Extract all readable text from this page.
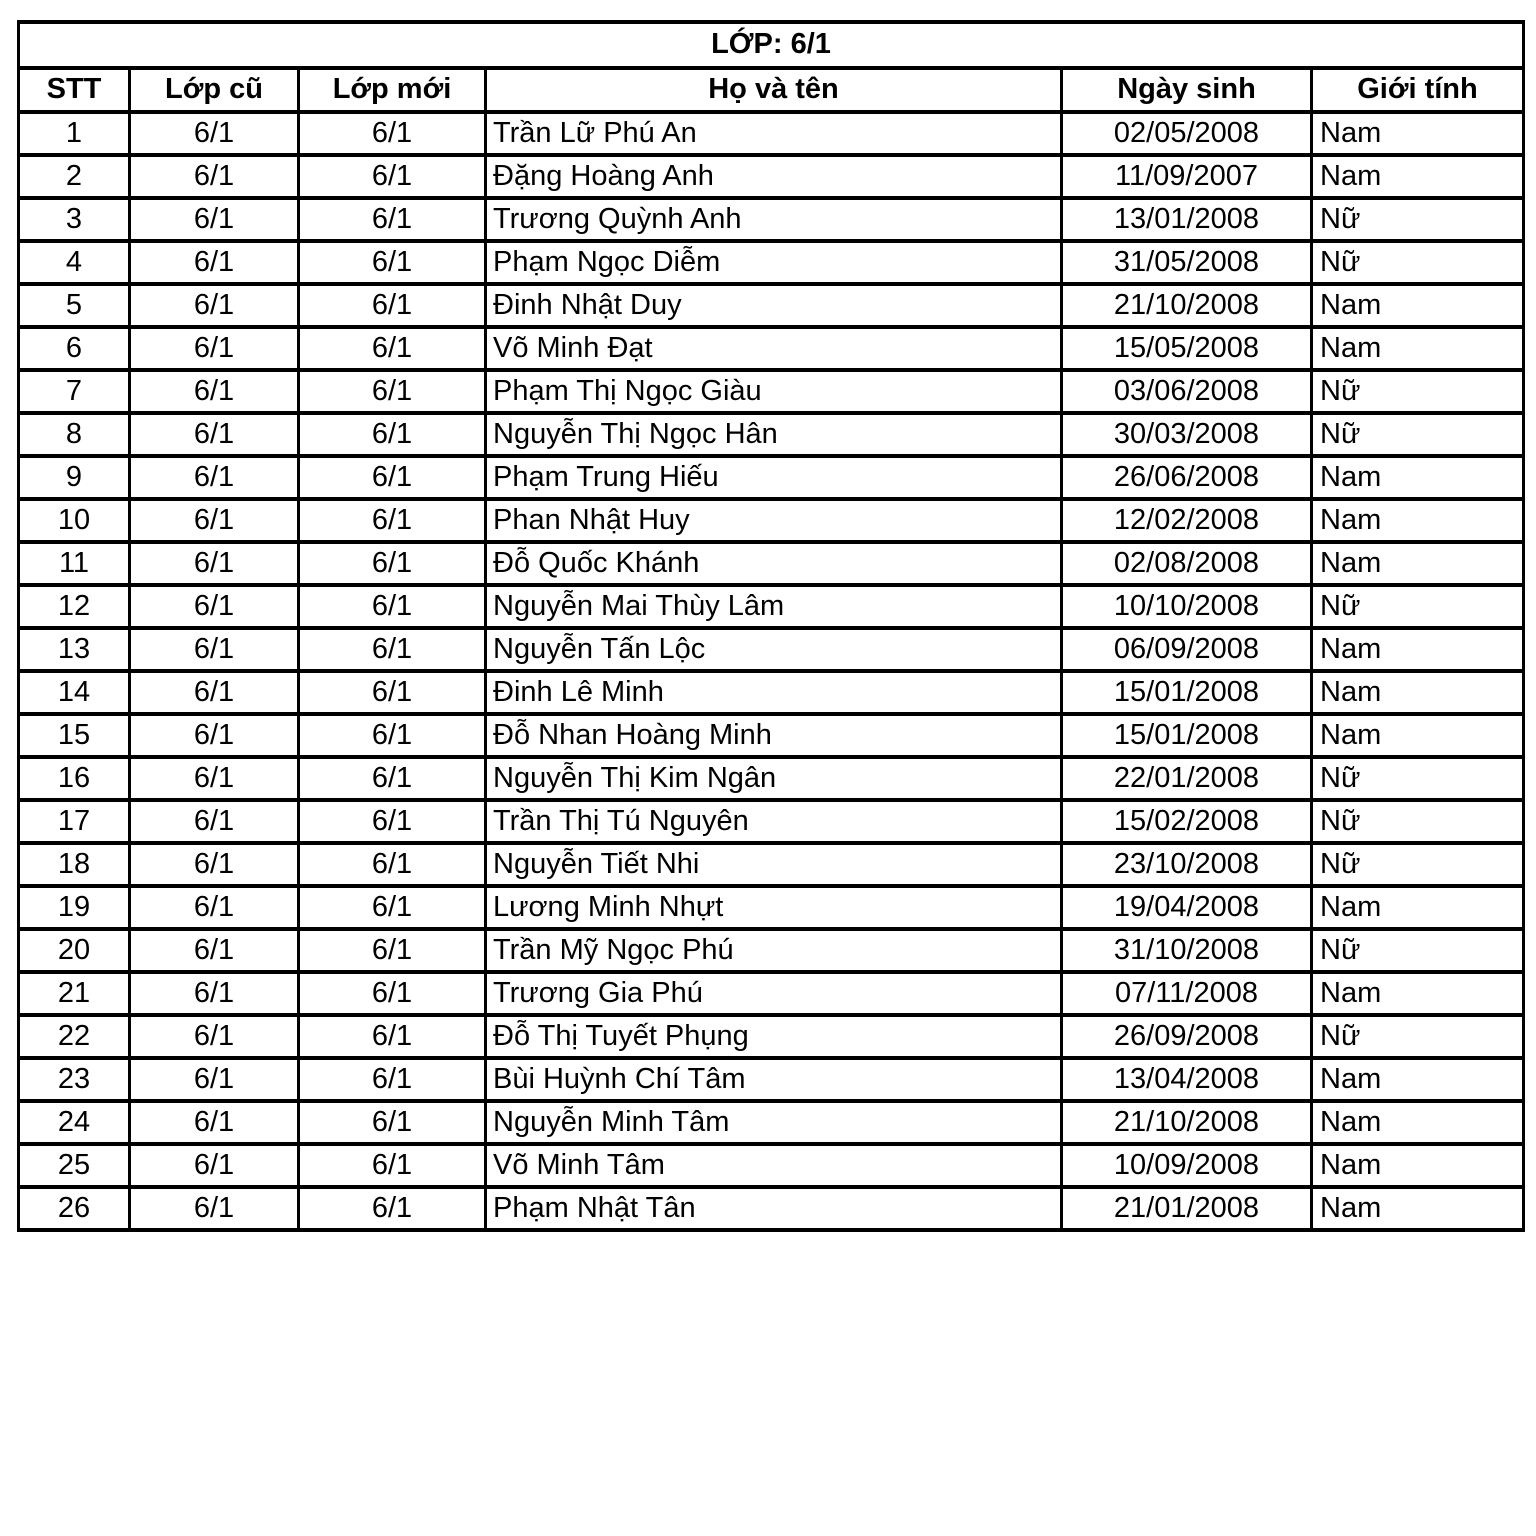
LỚP: 6/1					
STT	Lớp cũ	Lớp mới	Họ và tên	Ngày sinh	Giới tính
1	6/1	6/1	Trần Lữ Phú An	02/05/2008	Nam
2	6/1	6/1	Đặng Hoàng Anh	11/09/2007	Nam
3	6/1	6/1	Trương Quỳnh Anh	13/01/2008	Nữ
4	6/1	6/1	Phạm Ngọc Diễm	31/05/2008	Nữ
5	6/1	6/1	Đinh Nhật Duy	21/10/2008	Nam
6	6/1	6/1	Võ Minh Đạt	15/05/2008	Nam
7	6/1	6/1	Phạm Thị Ngọc Giàu	03/06/2008	Nữ
8	6/1	6/1	Nguyễn Thị Ngọc Hân	30/03/2008	Nữ
9	6/1	6/1	Phạm Trung Hiếu	26/06/2008	Nam
10	6/1	6/1	Phan Nhật Huy	12/02/2008	Nam
11	6/1	6/1	Đỗ Quốc Khánh	02/08/2008	Nam
12	6/1	6/1	Nguyễn Mai Thùy Lâm	10/10/2008	Nữ
13	6/1	6/1	Nguyễn Tấn Lộc	06/09/2008	Nam
14	6/1	6/1	Đinh Lê Minh	15/01/2008	Nam
15	6/1	6/1	Đỗ Nhan Hoàng Minh	15/01/2008	Nam
16	6/1	6/1	Nguyễn Thị Kim Ngân	22/01/2008	Nữ
17	6/1	6/1	Trần Thị Tú Nguyên	15/02/2008	Nữ
18	6/1	6/1	Nguyễn Tiết Nhi	23/10/2008	Nữ
19	6/1	6/1	Lương Minh Nhựt	19/04/2008	Nam
20	6/1	6/1	Trần Mỹ Ngọc Phú	31/10/2008	Nữ
21	6/1	6/1	Trương Gia Phú	07/11/2008	Nam
22	6/1	6/1	Đỗ Thị Tuyết Phụng	26/09/2008	Nữ
23	6/1	6/1	Bùi Huỳnh Chí Tâm	13/04/2008	Nam
24	6/1	6/1	Nguyễn Minh Tâm	21/10/2008	Nam
25	6/1	6/1	Võ Minh Tâm	10/09/2008	Nam
26	6/1	6/1	Phạm Nhật Tân	21/01/2008	Nam
